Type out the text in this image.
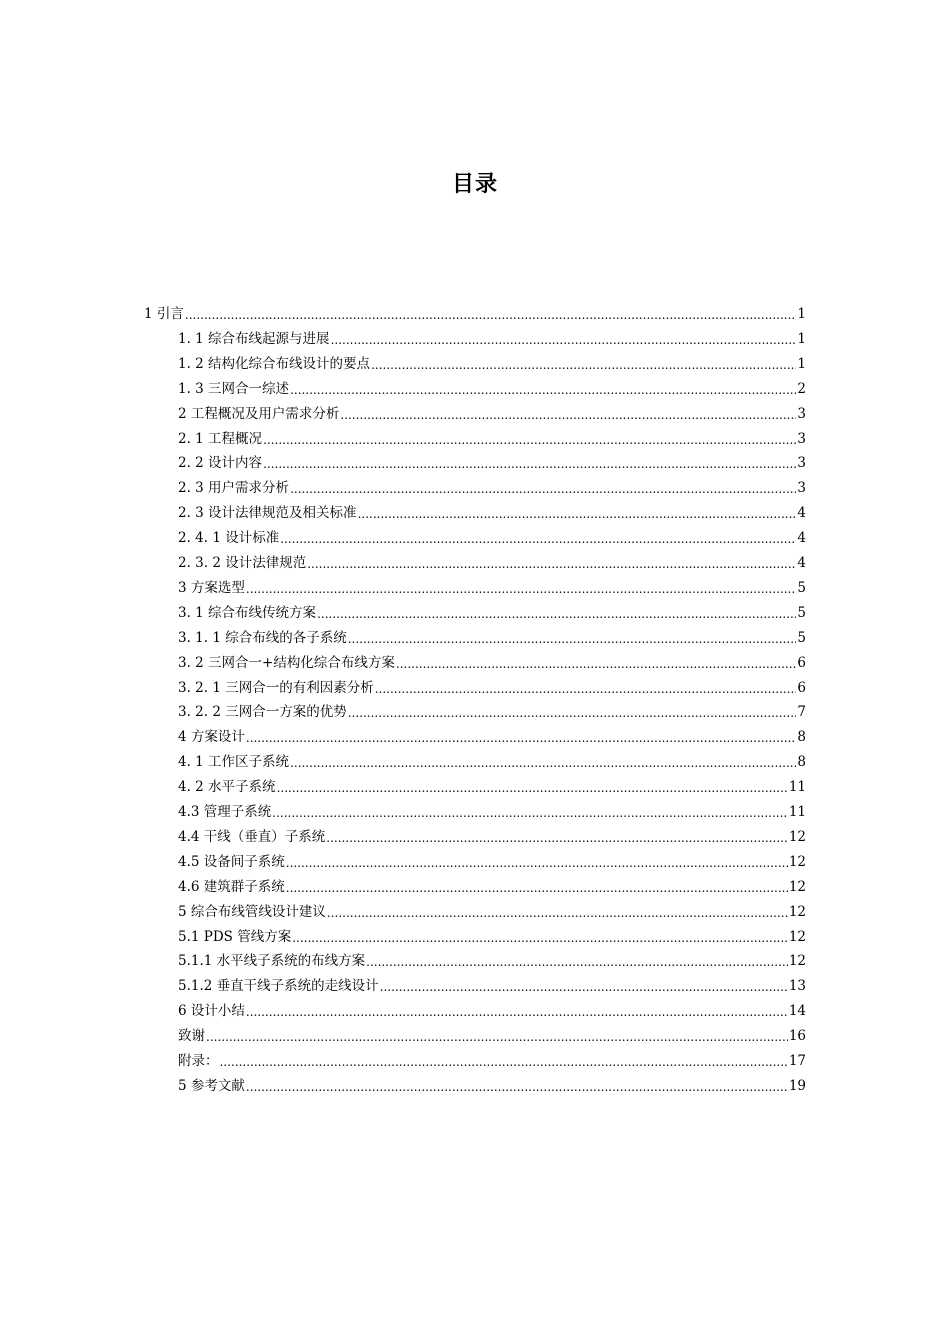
目录
1 引言 .....	1
1. 1 综合布线起源与进展 .....	1
1. 2 结构化综合布线设计的要点 .....	1
1. 3 三网合一综述 .....	2
2 工程概况及用户需求分析 .....	3
2. 1 工程概况 .....	3
2. 2 设计内容 .....	3
2. 3 用户需求分析 .....	3
2. 3 设计法律规范及相关标准 .....	4
2. 4. 1 设计标准 .....	4
2. 3. 2 设计法律规范 .....	4
3 方案选型 .....	5
3. 1 综合布线传统方案 .....	5
3. 1. 1 综合布线的各子系统 .....	5
3. 2 三网合一+结构化综合布线方案 .....	6
3. 2. 1 三网合一的有利因素分析 .....	6
3. 2. 2 三网合一方案的优势 .....	7
4 方案设计 .....	8
4. 1 工作区子系统 .....	8
4. 2 水平子系统 .....	11
4.3 管理子系统 .....	11
4.4 干线（垂直）子系统 .....	12
4.5 设备间子系统 .....	12
4.6 建筑群子系统 .....	12
5 综合布线管线设计建议 .....	12
5.1 PDS 管线方案 .....	12
5.1.1 水平线子系统的布线方案 .....	12
5.1.2 垂直干线子系统的走线设计 .....	13
6 设计小结 .....	14
致谢 .....	16
附录： .....	17
5 参考文献 .....	19
